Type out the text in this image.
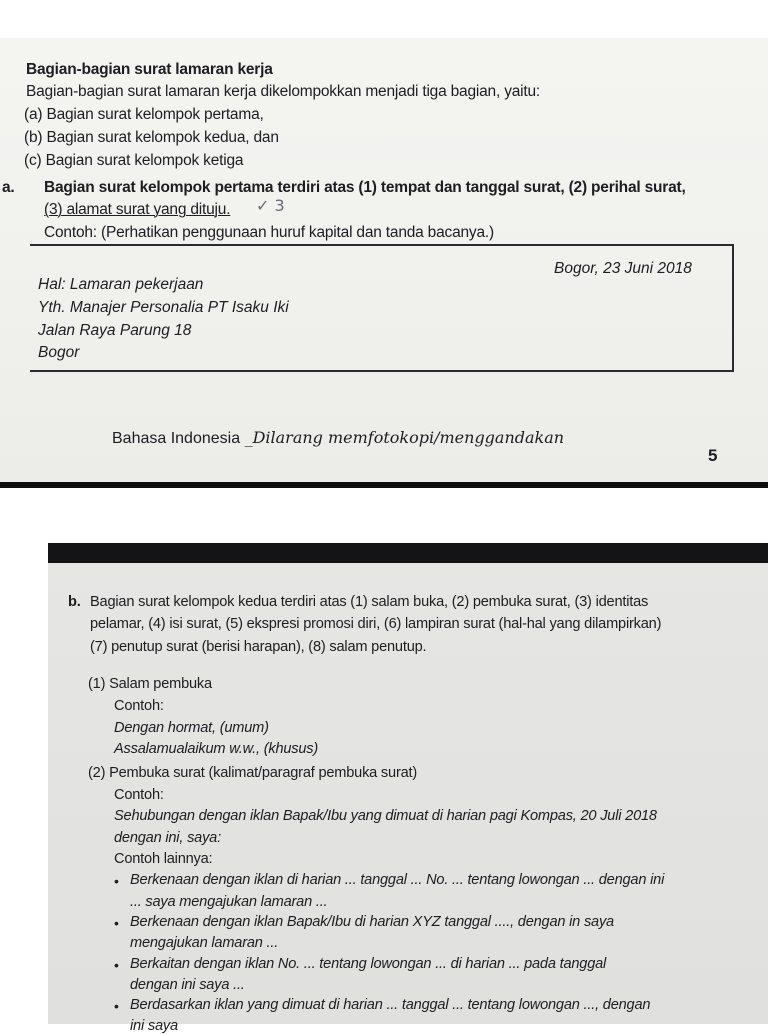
Bagian-bagian surat lamaran kerja
Bagian-bagian surat lamaran kerja dikelompokkan menjadi tiga bagian, yaitu:
(a) Bagian surat kelompok pertama,
(b) Bagian surat kelompok kedua, dan
(c) Bagian surat kelompok ketiga
a. Bagian surat kelompok pertama terdiri atas (1) tempat dan tanggal surat, (2) perihal surat,
(3) alamat surat yang dituju. ✓ 3
Contoh: (Perhatikan penggunaan huruf kapital dan tanda bacanya.)
Bogor, 23 Juni 2018
Hal: Lamaran pekerjaan
Yth. Manajer Personalia PT Isaku Iki
Jalan Raya Parung 18
Bogor
Bahasa Indonesia _Dilarang memfotokopi/menggandakan
5
b. Bagian surat kelompok kedua terdiri atas (1) salam buka, (2) pembuka surat, (3) identitas
pelamar, (4) isi surat, (5) ekspresi promosi diri, (6) lampiran surat (hal-hal yang dilampirkan)
(7) penutup surat (berisi harapan), (8) salam penutup.
(1) Salam pembuka
Contoh:
Dengan hormat, (umum)
Assalamualaikum w.w., (khusus)
(2) Pembuka surat (kalimat/paragraf pembuka surat)
Contoh:
Sehubungan dengan iklan Bapak/Ibu yang dimuat di harian pagi Kompas, 20 Juli 2018
dengan ini, saya:
Contoh lainnya:
• Berkenaan dengan iklan di harian ... tanggal ... No. ... tentang lowongan ... dengan ini
... saya mengajukan lamaran ...
• Berkenaan dengan iklan Bapak/Ibu di harian XYZ tanggal ...., dengan in saya
mengajukan lamaran ...
• Berkaitan dengan iklan No. ... tentang lowongan ... di harian ... pada tanggal
dengan ini saya ...
• Berdasarkan iklan yang dimuat di harian ... tanggal ... tentang lowongan ..., dengan
ini saya
